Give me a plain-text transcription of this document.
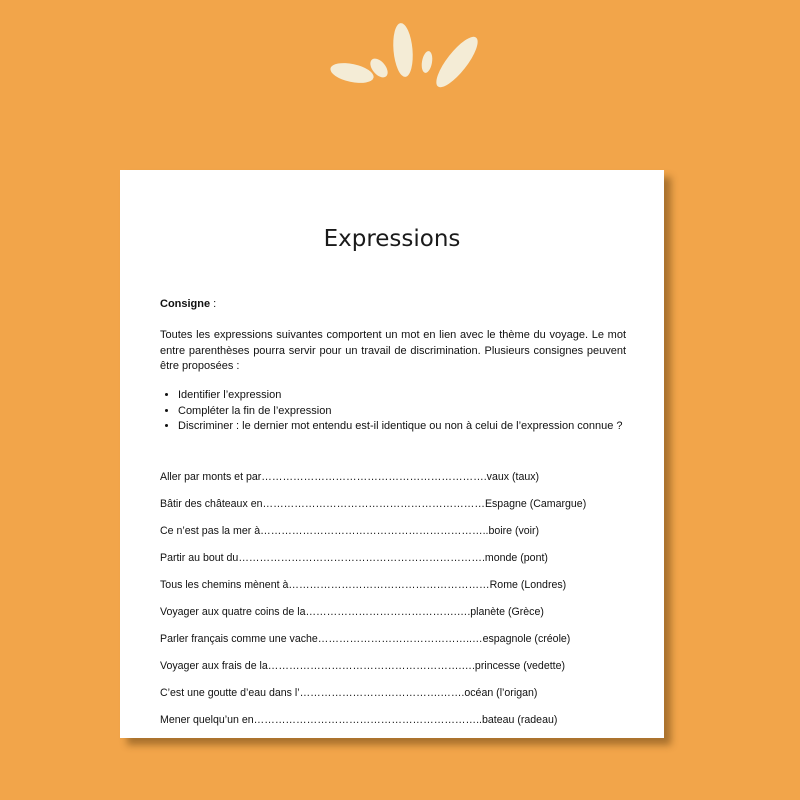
Expressions
Consigne :

Toutes les expressions suivantes comportent un mot en lien avec le thème du voyage. Le mot entre parenthèses pourra servir pour un travail de discrimination. Plusieurs consignes peuvent être proposées :

• Identifier l’expression
• Compléter la fin de l’expression
• Discriminer : le dernier mot entendu est-il identique ou non à celui de l’expression connue ?
Aller par monts et par……………………………………………………….vaux (taux)
Bâtir des châteaux en………………………………………………………Espagne (Camargue)
Ce n’est pas la mer à………………………………………………………..boire (voir)
Partir au bout du…………………………………………………………….monde (pont)
Tous les chemins mènent à…………………………………………………Rome (Londres)
Voyager aux quatre coins de la…………………………………….….planète (Grèce)
Parler français comme une vache……………………………………..…espagnole (créole)
Voyager aux frais de la……………………………………………….….princesse (vedette)
C’est une goutte d’eau dans l’………………………………….…….océan (l’origan)
Mener quelqu’un en………………………………………………………..bateau (radeau)
